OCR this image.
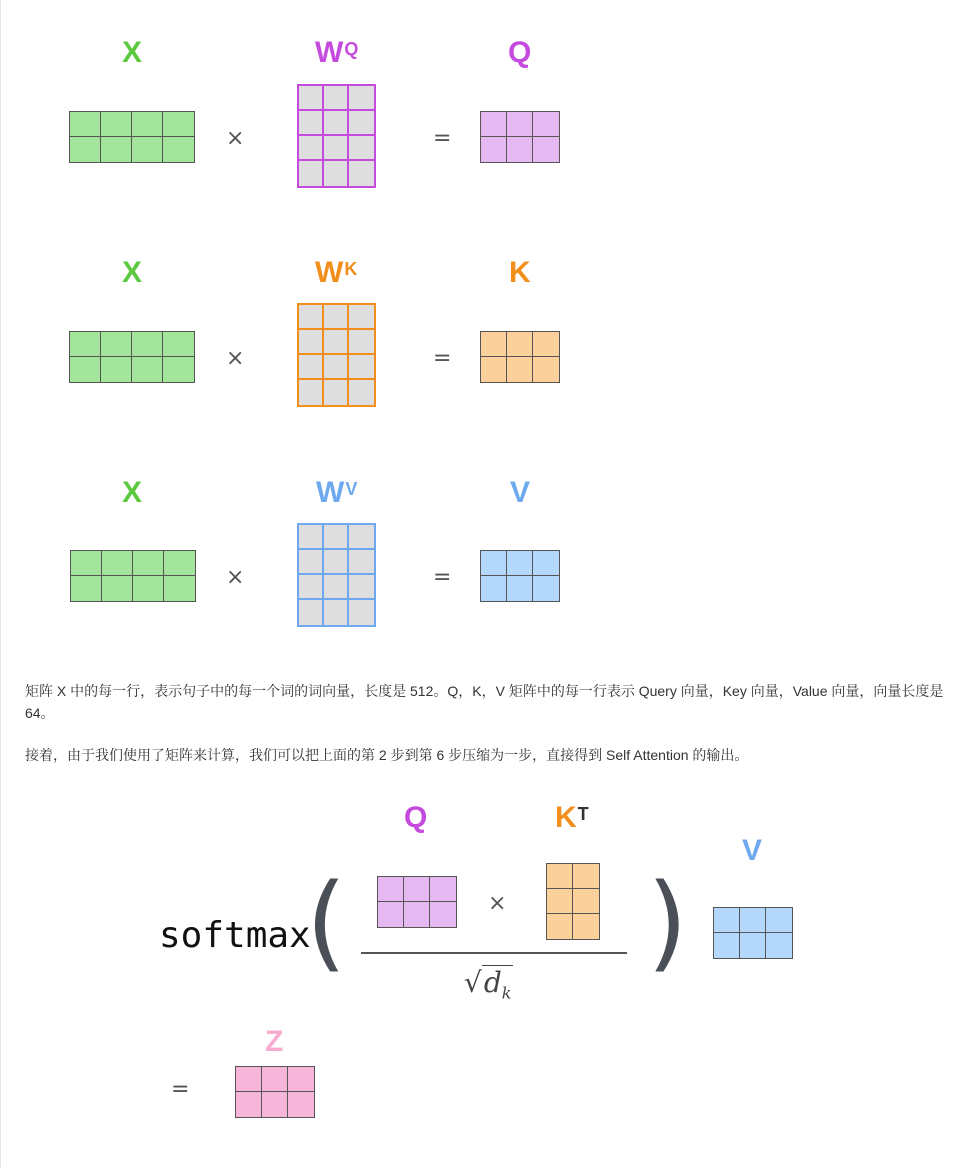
X
×
$W^Q$
=
Q
X
×
$W^K$
=
K
X
×
$W^V$
=
V

矩阵 X 中的每一行，表示句子中的每一个词的词向量，长度是 512。Q，K，V 矩阵中的每一行表示 Query 向量，Key 向量，Value 向量，向量长度是 64。

接着，由于我们使用了矩阵来计算，我们可以把上面的第 2 步到第 6 步压缩为一步，直接得到 Self Attention 的输出。

softmax
(	)
Q
×
$K^T$
$√d_k$
V
=
Z
